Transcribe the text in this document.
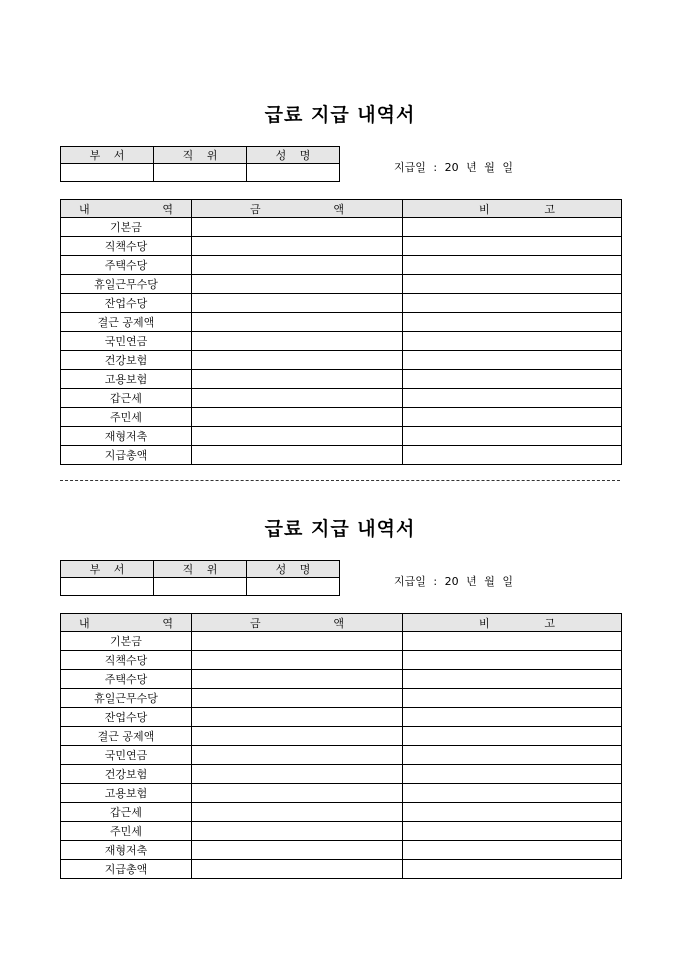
급료 지급 내역서
부 서	직 위	성 명

지급일 : 20 년 월 일
내 역	금 액	비 고

기본금		
직책수당		
주택수당		
휴일근무수당		
잔업수당		
결근 공제액		
국민연금		
건강보험		
고용보험		
갑근세		
주민세		
재형저축		
지급총액		
급료 지급 내역서
부 서	직 위	성 명

지급일 : 20 년 월 일
내 역	금 액	비 고

기본금		
직책수당		
주택수당		
휴일근무수당		
잔업수당		
결근 공제액		
국민연금		
건강보험		
고용보험		
갑근세		
주민세		
재형저축		
지급총액		
